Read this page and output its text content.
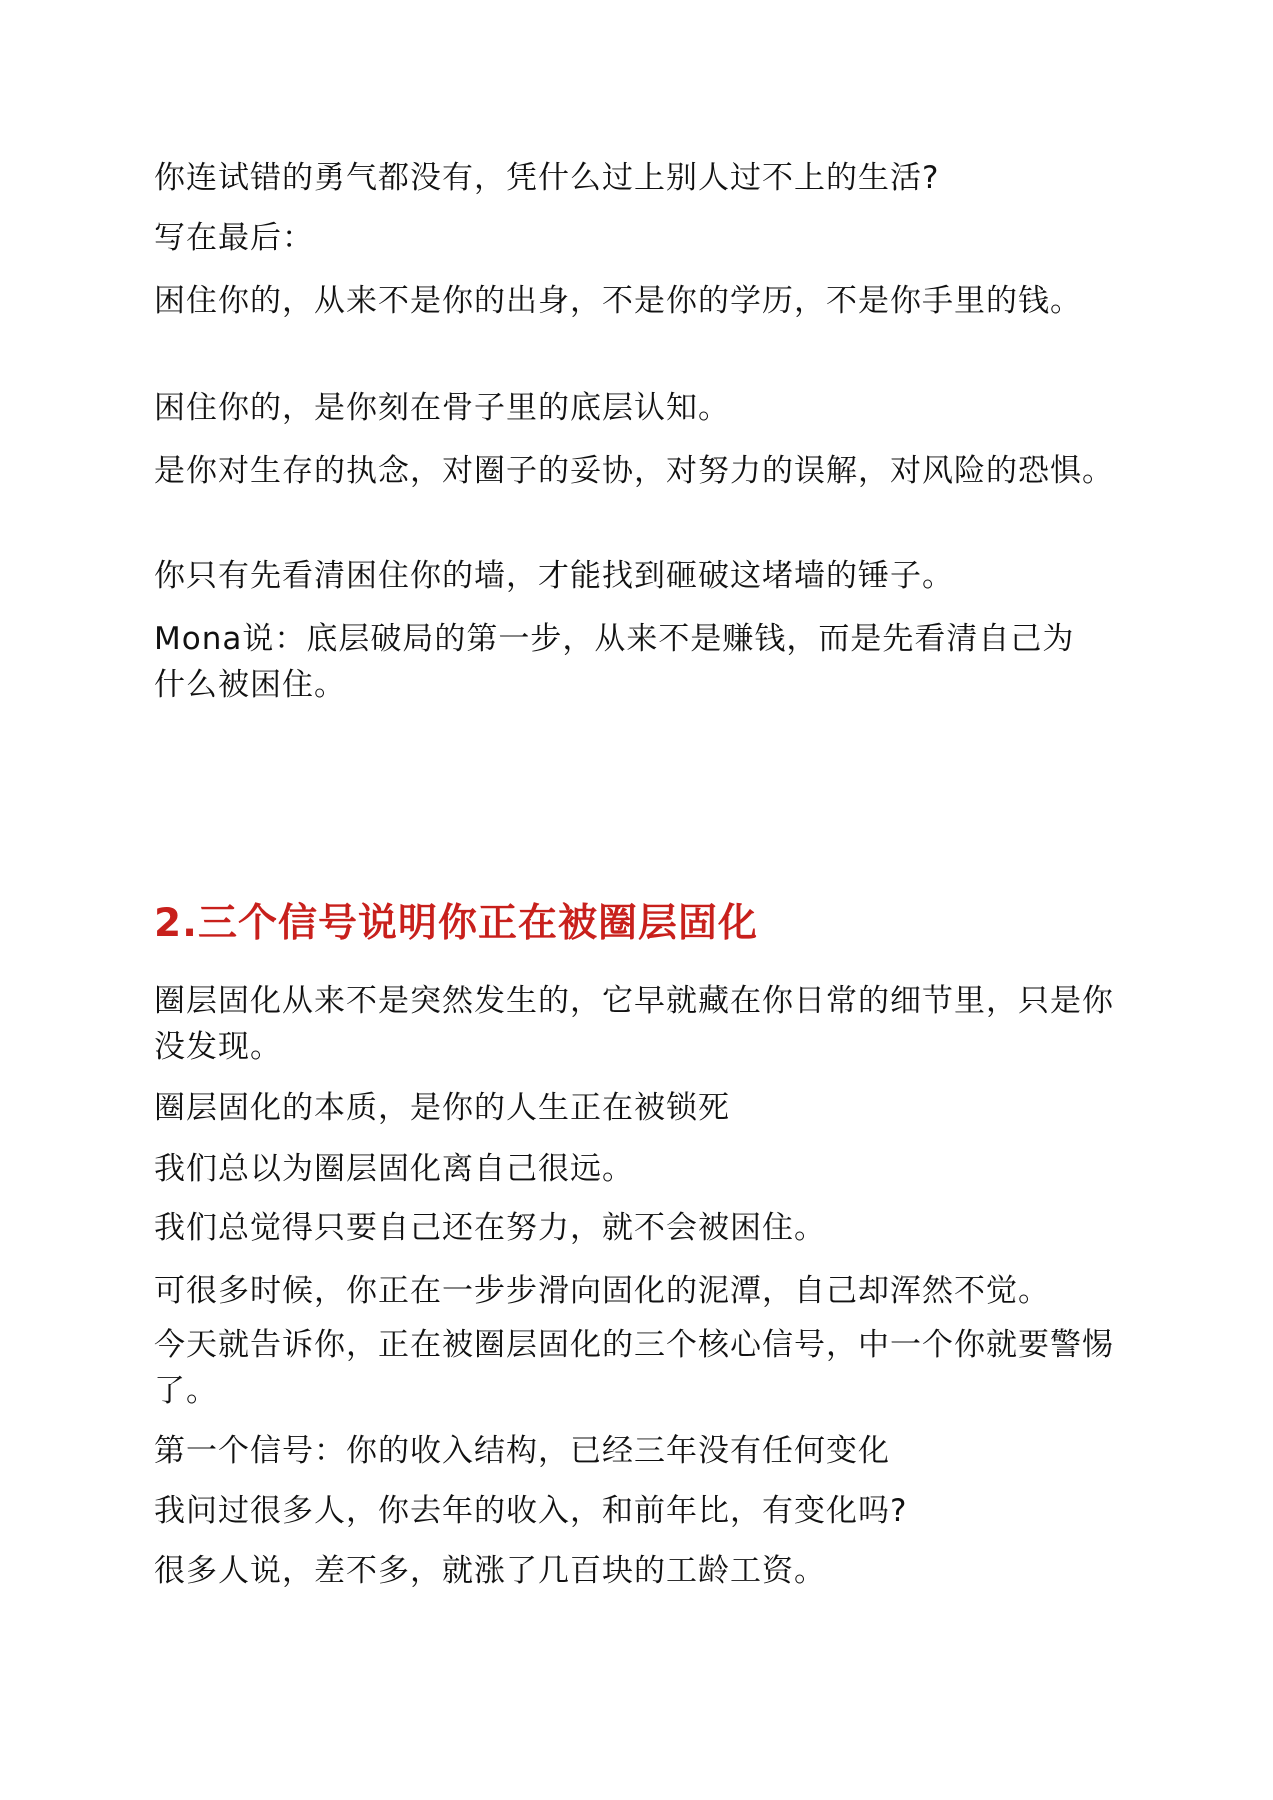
你连试错的勇气都没有，凭什么过上别人过不上的生活?

写在最后：

困住你的，从来不是你的出身，不是你的学历，不是你手里的钱。

困住你的，是你刻在骨子里的底层认知。

是你对生存的执念，对圈子的妥协，对努力的误解，对风险的恐惧。

你只有先看清困住你的墙，才能找到砸破这堵墙的锤子。

Mona说：底层破局的第一步，从来不是赚钱，而是先看清自己为 什么被困住。

2.三个信号说明你正在被圈层固化

圈层固化从来不是突然发生的，它早就藏在你日常的细节里，只是你没发现。

圈层固化的本质，是你的人生正在被锁死

我们总以为圈层固化离自己很远。

我们总觉得只要自己还在努力，就不会被困住。

可很多时候，你正在一步步滑向固化的泥潭，自己却浑然不觉。

今天就告诉你，正在被圈层固化的三个核心信号，中一个你就要警惕了。

第一个信号：你的收入结构，已经三年没有任何变化

我问过很多人，你去年的收入，和前年比，有变化吗?

很多人说，差不多，就涨了几百块的工龄工资。
